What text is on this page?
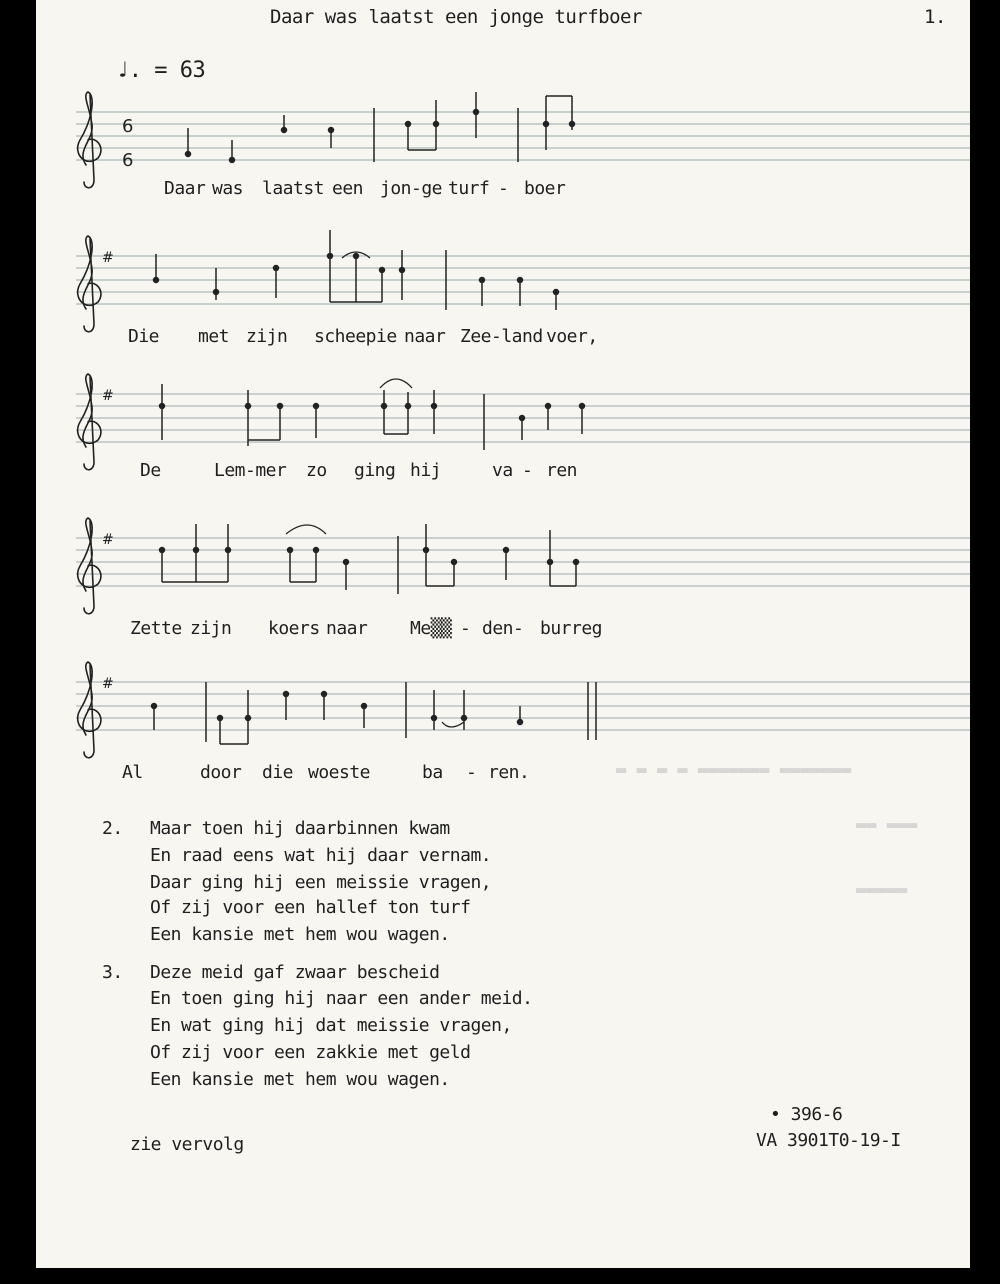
Daar was laatst een jonge turfboer	1.
♩. = 63
▬ ▬ ▬ ▬ ▬▬▬▬▬▬▬ ▬▬▬▬▬▬▬
▬▬ ▬▬▬
▬▬▬▬▬
6
6
#
#
#
#
Daar was laatst een jon-ge turf - boer
Die met zijn scheepie naar Zee-land voer,
De	Lem-mer zo ging hij	va - ren
Zette zijn koers naar Me▒▒ - den- burreg
Al	door die woeste	ba - ren.
2. Maar toen hij daarbinnen kwam
En raad eens wat hij daar vernam.
Daar ging hij een meissie vragen,
Of zij voor een hallef ton turf
Een kansie met hem wou wagen.
3. Deze meid gaf zwaar bescheid
En toen ging hij naar een ander meid.
En wat ging hij dat meissie vragen,
Of zij voor een zakkie met geld
Een kansie met hem wou wagen.
zie vervolg
• 396-6
VA 3901T0-19-I
